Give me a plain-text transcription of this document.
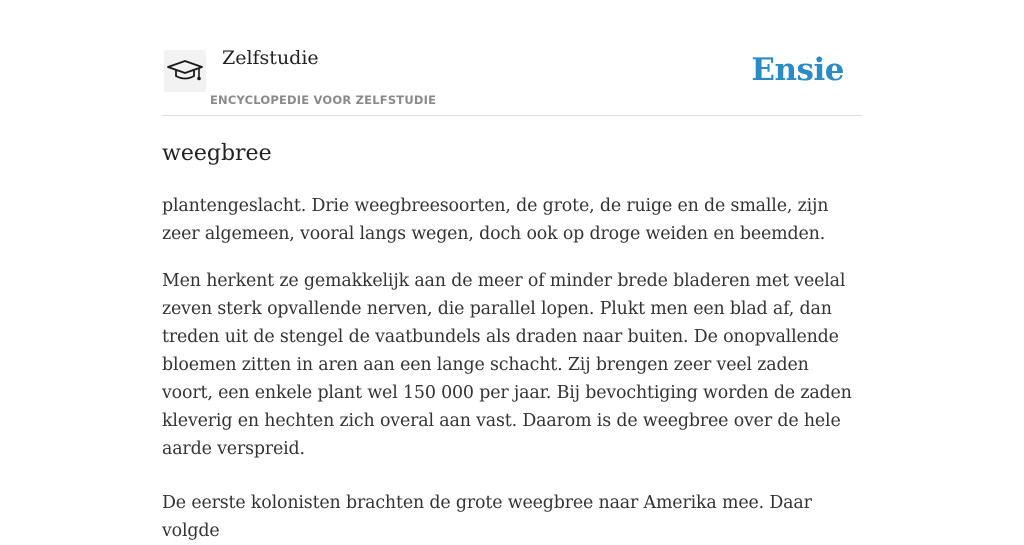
Zelfstudie
ENCYCLOPEDIE VOOR ZELFSTUDIE
Ensie
weegbree

plantengeslacht. Drie weegbreesoorten, de grote, de ruige en de smalle, zijn zeer algemeen, vooral langs wegen, doch ook op droge weiden en beemden.

Men herkent ze gemakkelijk aan de meer of minder brede bladeren met veelal zeven sterk opvallende nerven, die parallel lopen. Plukt men een blad af, dan treden uit de stengel de vaatbundels als draden naar buiten. De onopvallende bloemen zitten in aren aan een lange schacht. Zij brengen zeer veel zaden voort, een enkele plant wel 150 000 per jaar. Bij bevochtiging worden de zaden kleverig en hechten zich overal aan vast. Daarom is de weegbree over de hele aarde verspreid.

De eerste kolonisten brachten de grote weegbree naar Amerika mee. Daar volgde
